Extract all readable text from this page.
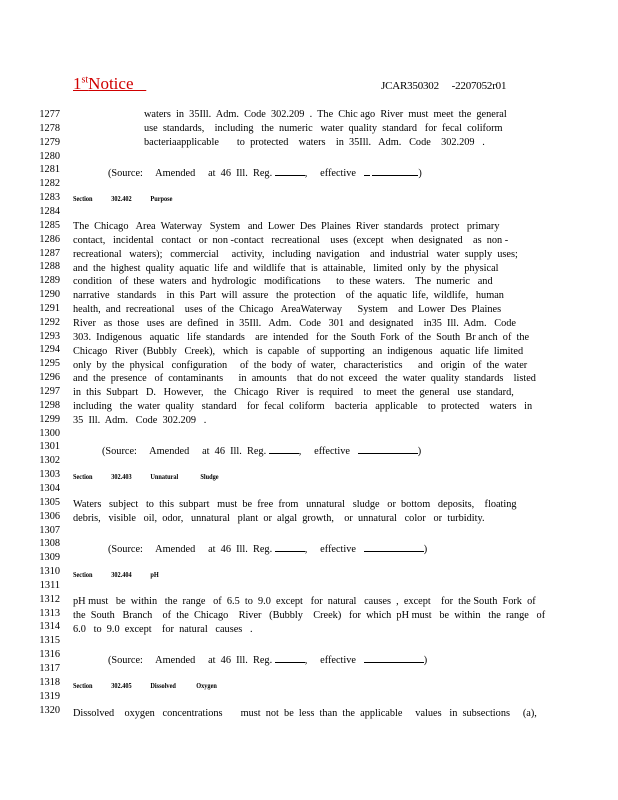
1stNotice	JCAR350302     -2207052r01
1277
1278
1279
1280
1281
1282
1283
1284
1285
1286
1287
1288
1289
1290
1291
1292
1293
1294
1295
1296
1297
1298
1299
1300
1301
1302
1303
1304
1305
1306
1307
1308
1309
1310
1311
1312
1313
1314
1315
1316
1317
1318
1319
1320
waters  in  35Ill.  Adm.  Code  302.209  .  The  Chic ago  River  must  meet  the  general
use  standards,    including   the  numeric   water  quality  standard   for  fecal  coliform
bacteriaapplicable       to  protected    waters    in  35Ill.   Adm.   Code    302.209   .
(Source:     Amended     at  46  Ill.  Reg.	,     effective	)
Section	302.402	Purpose
The  Chicago   Area  Waterway   System   and  Lower  Des  Plaines  River  standards   protect   primary
contact,   incidental   contact   or  non -contact   recreational    uses  (except   when  designated    as  non -
recreational   waters);   commercial     activity,   including  navigation    and  industrial   water  supply  uses;
and  the  highest  quality  aquatic  life  and  wildlife  that  is  attainable,   limited  only  by  the  physical
condition   of  these  waters  and  hydrologic   modifications      to  these  waters.    The  numeric   and
narrative   standards    in  this  Part  will  assure   the  protection    of  the  aquatic  life,  wildlife,   human
health,  and  recreational    uses  of  the  Chicago   AreaWaterway      System    and  Lower  Des  Plaines
River   as  those   uses  are  defined   in  35Ill.   Adm.   Code   301  and  designated    in35  Ill.  Adm.   Code
303.  Indigenous   aquatic   life  standards    are  intended   for  the  South  Fork  of  the  South  Br anch  of  the
Chicago   River  (Bubbly   Creek),   which   is  capable   of  supporting   an  indigenous   aquatic  life  limited
only  by  the  physical   configuration     of  the  body  of  water,   characteristics      and   origin   of  the  water
and  the  presence   of  contaminants      in  amounts    that  do not  exceed   the  water  quality  standards    listed
in  this  Subpart   D.   However,    the   Chicago   River   is  required    to  meet  the  general   use  standard,
including   the  water  quality   standard    for  fecal  coliform    bacteria   applicable    to  protected    waters   in
35  Ill.  Adm.   Code  302.209   .
(Source:     Amended     at  46  Ill.  Reg.	,     effective	)
Section	302.403	Unnatural	Sludge
Waters   subject   to  this  subpart   must  be  free  from   unnatural   sludge   or  bottom   deposits,    floating
debris,   visible   oil,  odor,   unnatural   plant  or  algal  growth,    or  unnatural   color   or  turbidity.
(Source:     Amended     at  46  Ill.  Reg.	,     effective	)
Section	302.404	pH
pH must   be  within   the  range   of  6.5  to  9.0  except   for  natural   causes  ,  except    for  the South  Fork  of
the  South   Branch    of  the  Chicago    River   (Bubbly    Creek)   for  which  pH must   be  within   the  range   of
6.0   to  9.0  except    for  natural   causes   .
(Source:     Amended     at  46  Ill.  Reg.	,     effective	)
Section	302.405	Dissolved	Oxygen
Dissolved    oxygen   concentrations       must  not  be  less  than  the  applicable     values   in  subsections     (a),
